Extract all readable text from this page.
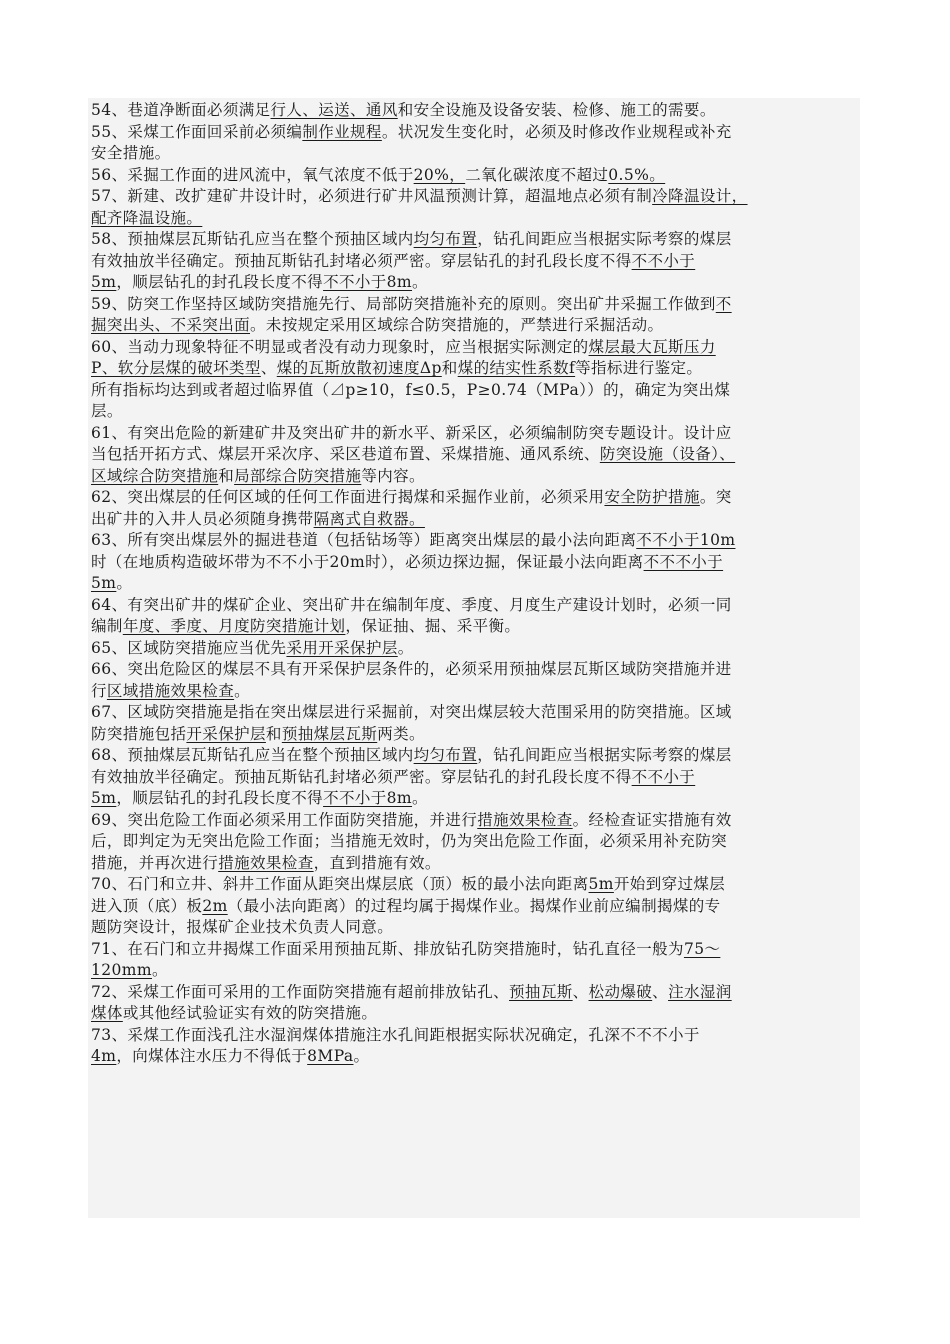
54、巷道净断面必须满足行人、运送、通风和安全设施及设备安装、检修、施工的需要。
55、采煤工作面回采前必须编制作业规程。状况发生变化时，必须及时修改作业规程或补充
安全措施。
56、采掘工作面的进风流中，氧气浓度不低于20%，二氧化碳浓度不超过0.5%。
57、新建、改扩建矿井设计时，必须进行矿井风温预测计算，超温地点必须有制冷降温设计，
配齐降温设施。
58、预抽煤层瓦斯钻孔应当在整个预抽区域内均匀布置，钻孔间距应当根据实际考察的煤层
有效抽放半径确定。预抽瓦斯钻孔封堵必须严密。穿层钻孔的封孔段长度不得不不小于
5m，顺层钻孔的封孔段长度不得不不小于8m。
59、防突工作坚持区域防突措施先行、局部防突措施补充的原则。突出矿井采掘工作做到不
掘突出头、不采突出面。未按规定采用区域综合防突措施的，严禁进行采掘活动。
60、当动力现象特征不明显或者没有动力现象时，应当根据实际测定的煤层最大瓦斯压力
P、软分层煤的破坏类型、煤的瓦斯放散初速度Δp和煤的结实性系数f等指标进行鉴定。
所有指标均达到或者超过临界值（⊿p≥10，f≤0.5，P≥0.74（MPa））的，确定为突出煤
层。
61、有突出危险的新建矿井及突出矿井的新水平、新采区，必须编制防突专题设计。设计应
当包括开拓方式、煤层开采次序、采区巷道布置、采煤措施、通风系统、防突设施（设备）、
区域综合防突措施和局部综合防突措施等内容。
62、突出煤层的任何区域的任何工作面进行揭煤和采掘作业前，必须采用安全防护措施。突
出矿井的入井人员必须随身携带隔离式自救器。
63、所有突出煤层外的掘进巷道（包括钻场等）距离突出煤层的最小法向距离不不小于10m
时（在地质构造破坏带为不不小于20m时），必须边探边掘，保证最小法向距离不不不小于
5m。
64、有突出矿井的煤矿企业、突出矿井在编制年度、季度、月度生产建设计划时，必须一同
编制年度、季度、月度防突措施计划，保证抽、掘、采平衡。
65、区域防突措施应当优先采用开采保护层。
66、突出危险区的煤层不具有开采保护层条件的，必须采用预抽煤层瓦斯区域防突措施并进
行区域措施效果检查。
67、区域防突措施是指在突出煤层进行采掘前，对突出煤层较大范围采用的防突措施。区域
防突措施包括开采保护层和预抽煤层瓦斯两类。
68、预抽煤层瓦斯钻孔应当在整个预抽区域内均匀布置，钻孔间距应当根据实际考察的煤层
有效抽放半径确定。预抽瓦斯钻孔封堵必须严密。穿层钻孔的封孔段长度不得不不小于
5m，顺层钻孔的封孔段长度不得不不小于8m。
69、突出危险工作面必须采用工作面防突措施，并进行措施效果检查。经检查证实措施有效
后，即判定为无突出危险工作面；当措施无效时，仍为突出危险工作面，必须采用补充防突
措施，并再次进行措施效果检查，直到措施有效。
70、石门和立井、斜井工作面从距突出煤层底（顶）板的最小法向距离5m开始到穿过煤层
进入顶（底）板2m（最小法向距离）的过程均属于揭煤作业。揭煤作业前应编制揭煤的专
题防突设计，报煤矿企业技术负责人同意。
71、在石门和立井揭煤工作面采用预抽瓦斯、排放钻孔防突措施时，钻孔直径一般为75～
120mm。
72、采煤工作面可采用的工作面防突措施有超前排放钻孔、预抽瓦斯、松动爆破、注水湿润
煤体或其他经试验证实有效的防突措施。
73、采煤工作面浅孔注水湿润煤体措施注水孔间距根据实际状况确定，孔深不不不小于
4m，向煤体注水压力不得低于8MPa。
